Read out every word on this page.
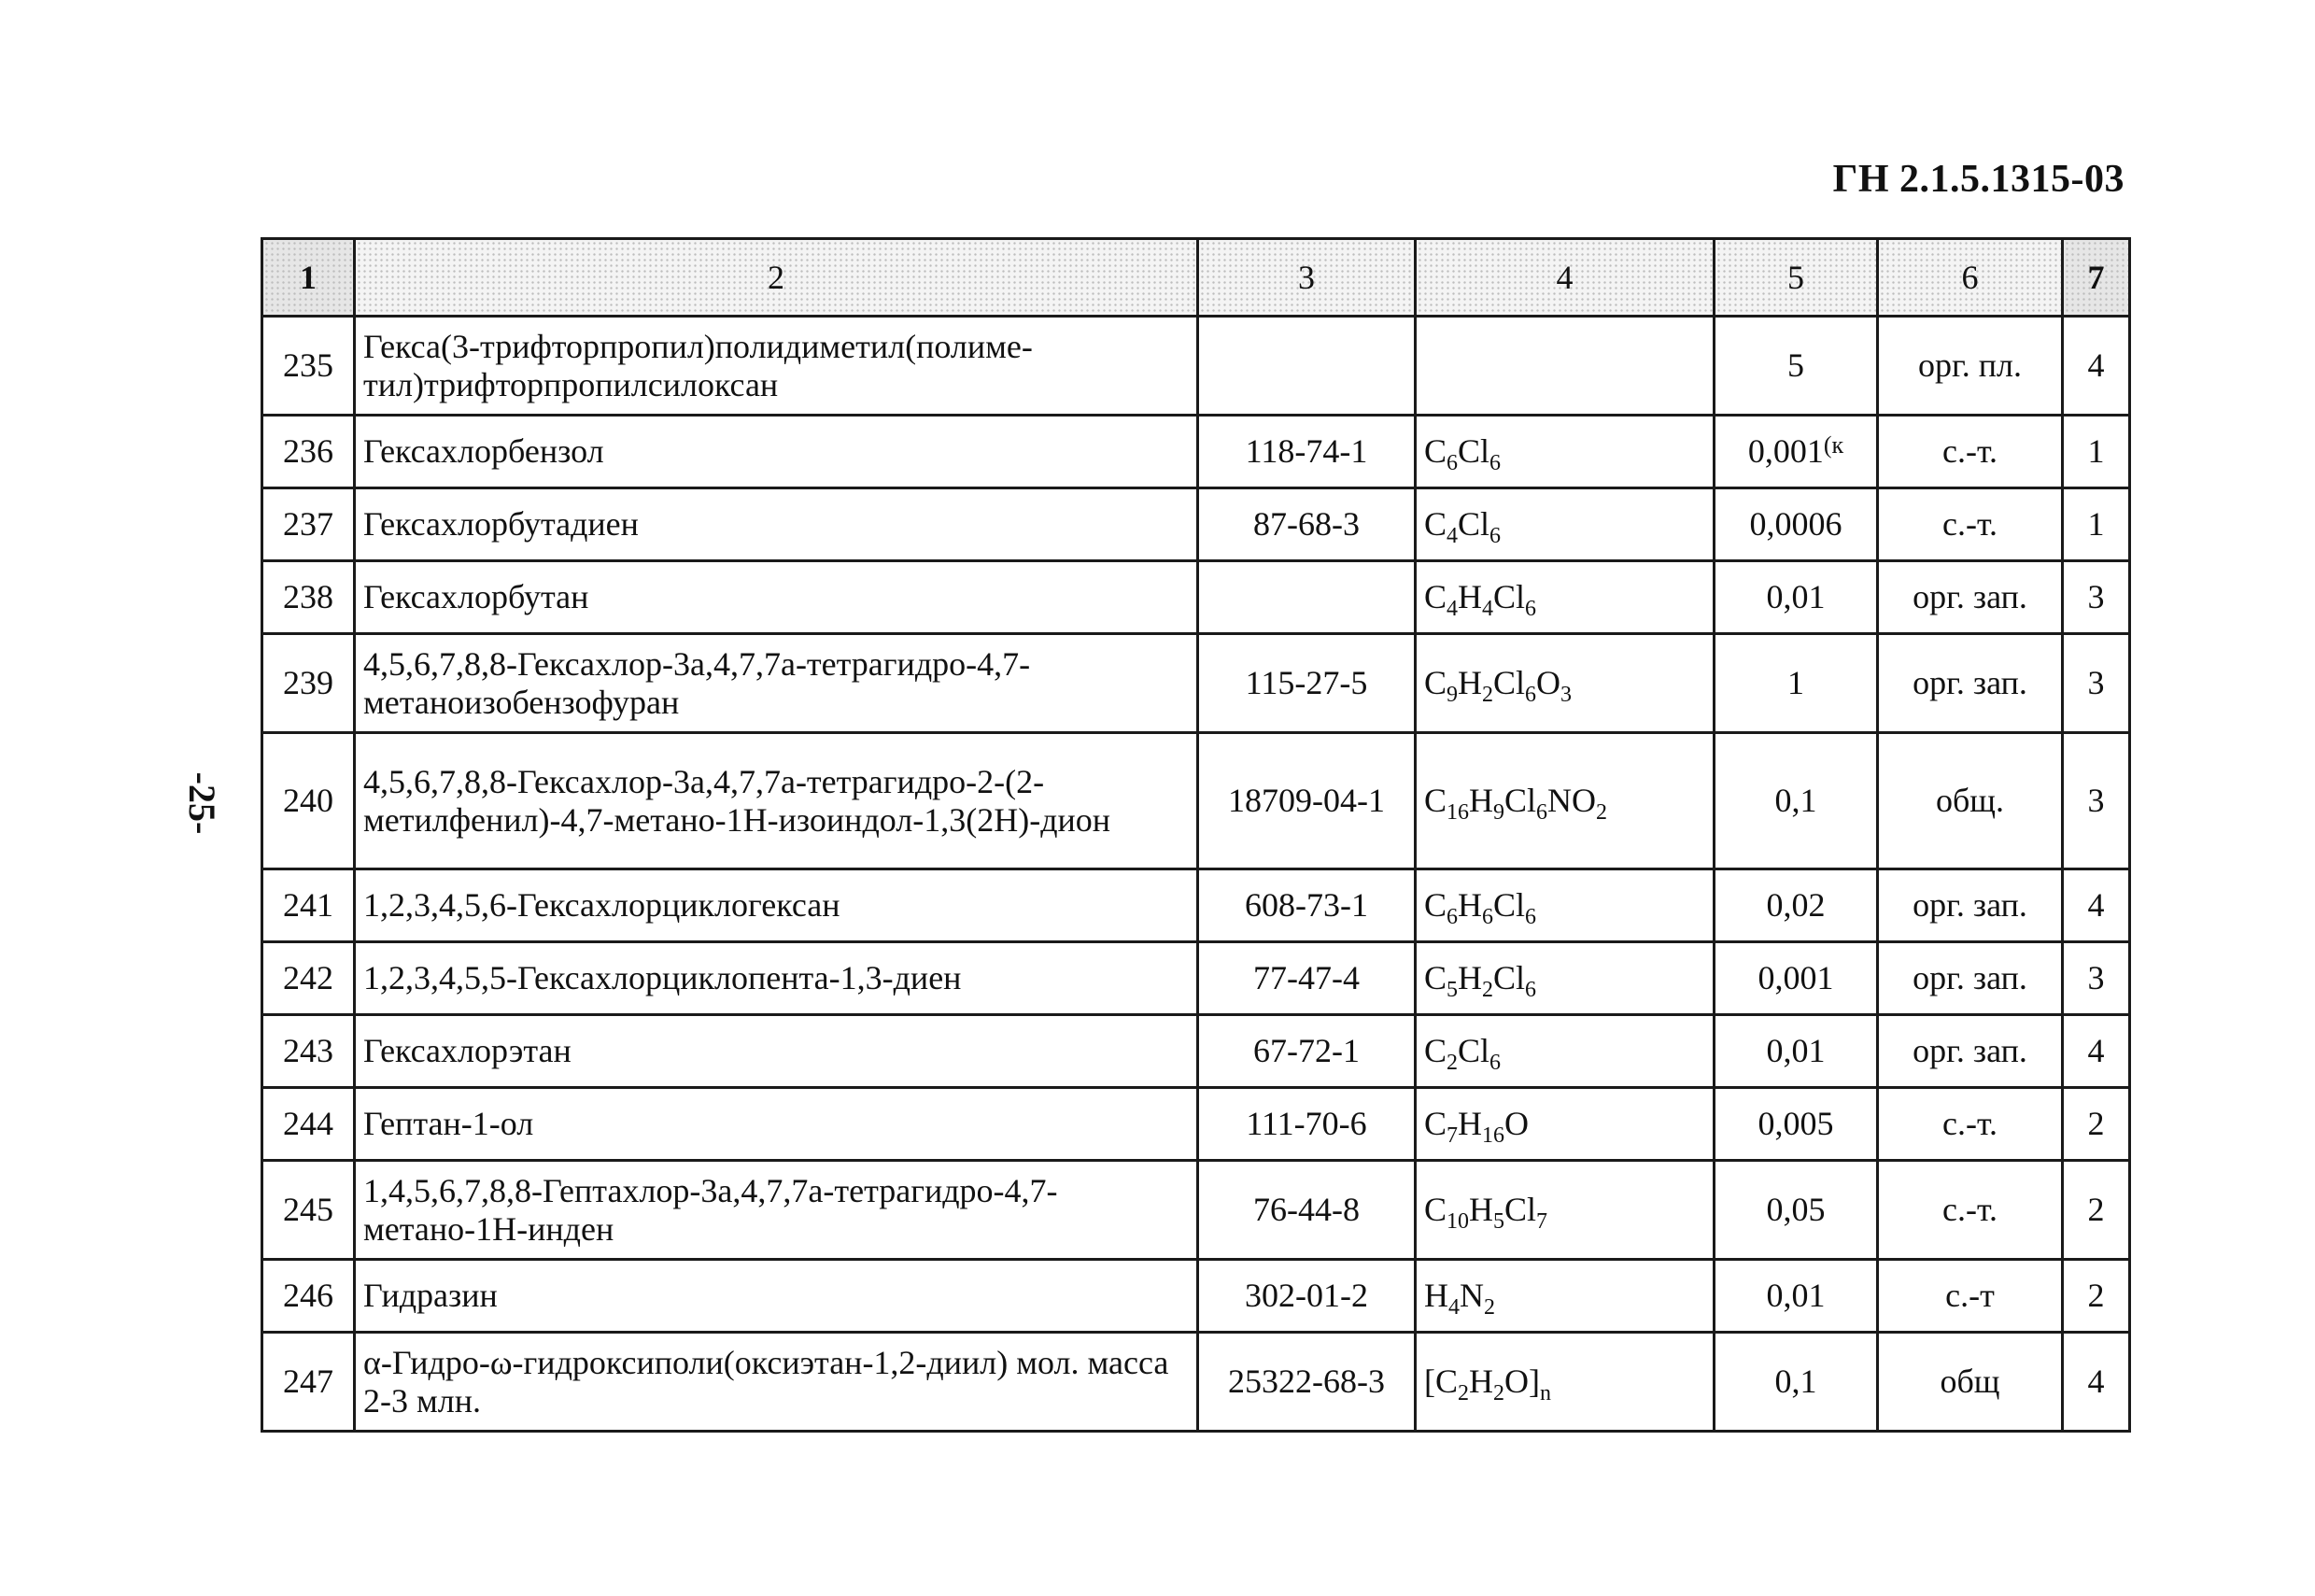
ГН 2.1.5.1315-03
-25-
1	2	3	4	5	6	7
235	Гекса(3-трифторпропил)полидиметил(полиме-тил)трифторпропилсилоксан			5	орг. пл.	4
236	Гексахлорбензол	118-74-1	$C_6Cl_6$	0,001$^{(к}$	с.-т.	1
237	Гексахлорбутадиен	87-68-3	$C_4Cl_6$	0,0006	с.-т.	1
238	Гексахлорбутан		$C_4H_4Cl_6$	0,01	орг. зап.	3
239	4,5,6,7,8,8-Гексахлор-3a,4,7,7a-тетрагидро-4,7-метаноизобензофуран	115-27-5	$C_9H_2Cl_6O_3$	1	орг. зап.	3
240	4,5,6,7,8,8-Гексахлор-3a,4,7,7a-тетрагидро-2-(2-метилфенил)-4,7-метано-1H-изоиндол-1,3(2H)-дион	18709-04-1	$C_{16}H_9Cl_6NO_2$	0,1	общ.	3
241	1,2,3,4,5,6-Гексахлорциклогексан	608-73-1	$C_6H_6Cl_6$	0,02	орг. зап.	4
242	1,2,3,4,5,5-Гексахлорциклопента-1,3-диен	77-47-4	$C_5H_2Cl_6$	0,001	орг. зап.	3
243	Гексахлорэтан	67-72-1	$C_2Cl_6$	0,01	орг. зап.	4
244	Гептан-1-ол	111-70-6	$C_7H_{16}O$	0,005	с.-т.	2
245	1,4,5,6,7,8,8-Гептахлор-3a,4,7,7a-тетрагидро-4,7-метано-1H-инден	76-44-8	$C_{10}H_5Cl_7$	0,05	с.-т.	2
246	Гидразин	302-01-2	$H_4N_2$	0,01	с.-т	2
247	α-Гидро-ω-гидроксиполи(оксиэтан-1,2-диил) мол. масса 2-3 млн.	25322-68-3	$[C_2H_2O]_n$	0,1	общ	4
